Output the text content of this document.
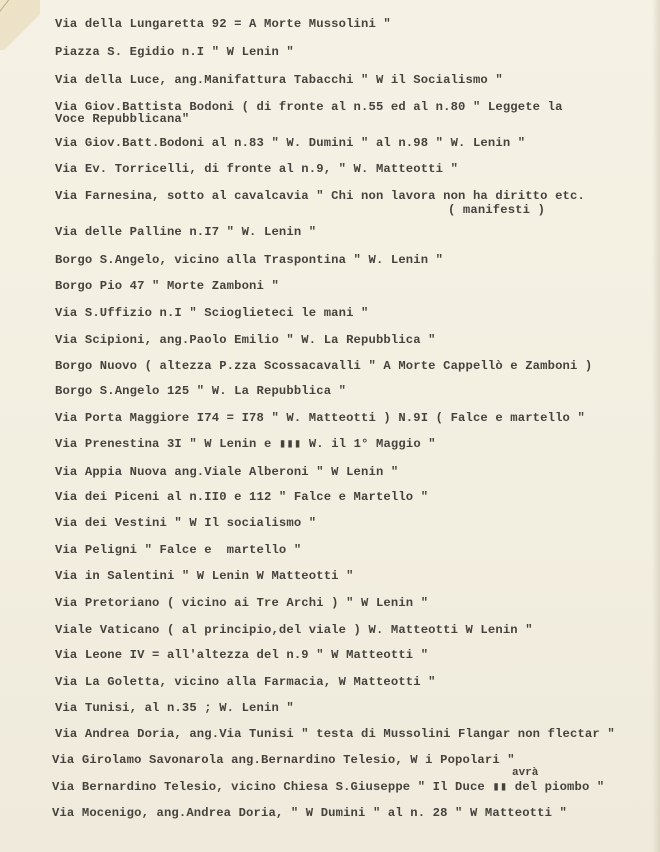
Via della Lungaretta 92 = A Morte Mussolini "
Piazza S. Egidio n.I " W Lenin "
Via della Luce, ang.Manifattura Tabacchi " W il Socialismo "
Via Giov.Battista Bodoni ( di fronte al n.55 ed al n.80 " Leggete la
Voce Repubblicana"
Via Giov.Batt.Bodoni al n.83 " W. Dumini " al n.98 " W. Lenin "
Via Ev. Torricelli, di fronte al n.9, " W. Matteotti "
Via Farnesina, sotto al cavalcavia " Chi non lavora non ha diritto etc.
( manifesti )
Via delle Palline n.I7 " W. Lenin "
Borgo S.Angelo, vicino alla Traspontina " W. Lenin "
Borgo Pio 47 " Morte Zamboni "
Via S.Uffizio n.I " Scioglieteci le mani "
Via Scipioni, ang.Paolo Emilio " W. La Repubblica "
Borgo Nuovo ( altezza P.zza Scossacavalli " A Morte Cappellò e Zamboni )
Borgo S.Angelo 125 " W. La Repubblica "
Via Porta Maggiore I74 = I78 " W. Matteotti ) N.9I ( Falce e martello "
Via Prenestina 3I " W Lenin e ▮▮▮ W. il 1° Maggio "
Via Appia Nuova ang.Viale Alberoni " W Lenin "
Via dei Piceni al n.II0 e 112 " Falce e Martello "
Via dei Vestini " W Il socialismo "
Via Peligni " Falce e  martello "
Via in Salentini " W Lenin W Matteotti "
Via Pretoriano ( vicino ai Tre Archi ) " W Lenin "
Viale Vaticano ( al principio,del viale ) W. Matteotti W Lenin "
Via Leone IV = all'altezza del n.9 " W Matteotti "
Via La Goletta, vicino alla Farmacia, W Matteotti "
Via Tunisi, al n.35 ; W. Lenin "
Via Andrea Doria, ang.Via Tunisi " testa di Mussolini Flangar non flectar "
Via Girolamo Savonarola ang.Bernardino Telesio, W i Popolari "
avrà
Via Bernardino Telesio, vicino Chiesa S.Giuseppe " Il Duce ▮▮ del piombo "
Via Mocenigo, ang.Andrea Doria, " W Dumini " al n. 28 " W Matteotti "
